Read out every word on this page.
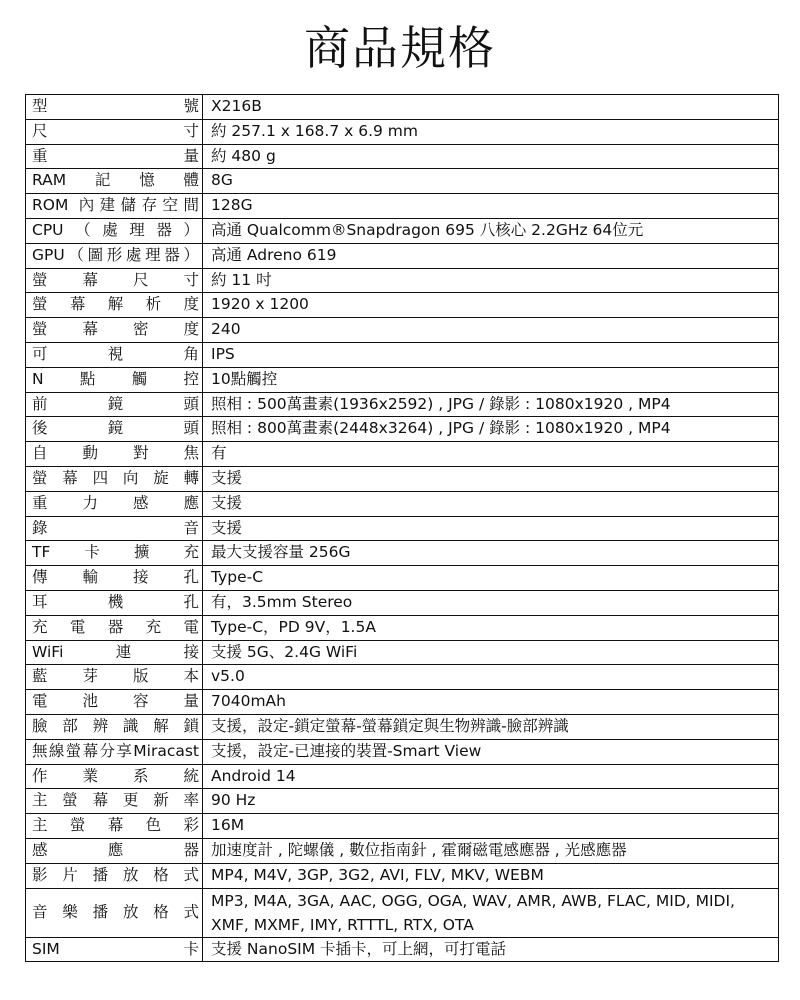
商品規格
型號	X216B
尺寸	約 257.1 x 168.7 x 6.9 mm
重量	約 480 g
RAM記憶體	8G
ROM 內建儲存空間	128G
CPU（處理器）	高通 Qualcomm®Snapdragon 695 八核心 2.2GHz 64位元
GPU（圖形處理器）	高通 Adreno 619
螢幕尺寸	約 11 吋
螢幕解析度	1920 x 1200
螢幕密度	240
可視角	IPS
N點觸控	10點觸控
前鏡頭	照相 : 500萬畫素(1936x2592) , JPG / 錄影 : 1080x1920 , MP4
後鏡頭	照相 : 800萬畫素(2448x3264) , JPG / 錄影 : 1080x1920 , MP4
自動對焦	有
螢幕四向旋轉	支援
重力感應	支援
錄音	支援
TF卡擴充	最大支援容量 256G
傳輸接孔	Type-C
耳機孔	有，3.5mm Stereo
充電器充電	Type-C，PD 9V，1.5A
WiFi連接	支援 5G、2.4G WiFi
藍芽版本	v5.0
電池容量	7040mAh
臉部辨識解鎖	支援，設定-鎖定螢幕-螢幕鎖定與生物辨識-臉部辨識
無線螢幕分享Miracast	支援，設定-已連接的裝置-Smart View
作業系統	Android 14
主螢幕更新率	90 Hz
主螢幕色彩	16M
感應器	加速度計 , 陀螺儀 , 數位指南針 , 霍爾磁電感應器 , 光感應器
影片播放格式	MP4, M4V, 3GP, 3G2, AVI, FLV, MKV, WEBM
音樂播放格式	MP3, M4A, 3GA, AAC, OGG, OGA, WAV, AMR, AWB, FLAC, MID, MIDI,
XMF, MXMF, IMY, RTTTL, RTX, OTA

SIM卡	支援 NanoSIM 卡插卡，可上網，可打電話
